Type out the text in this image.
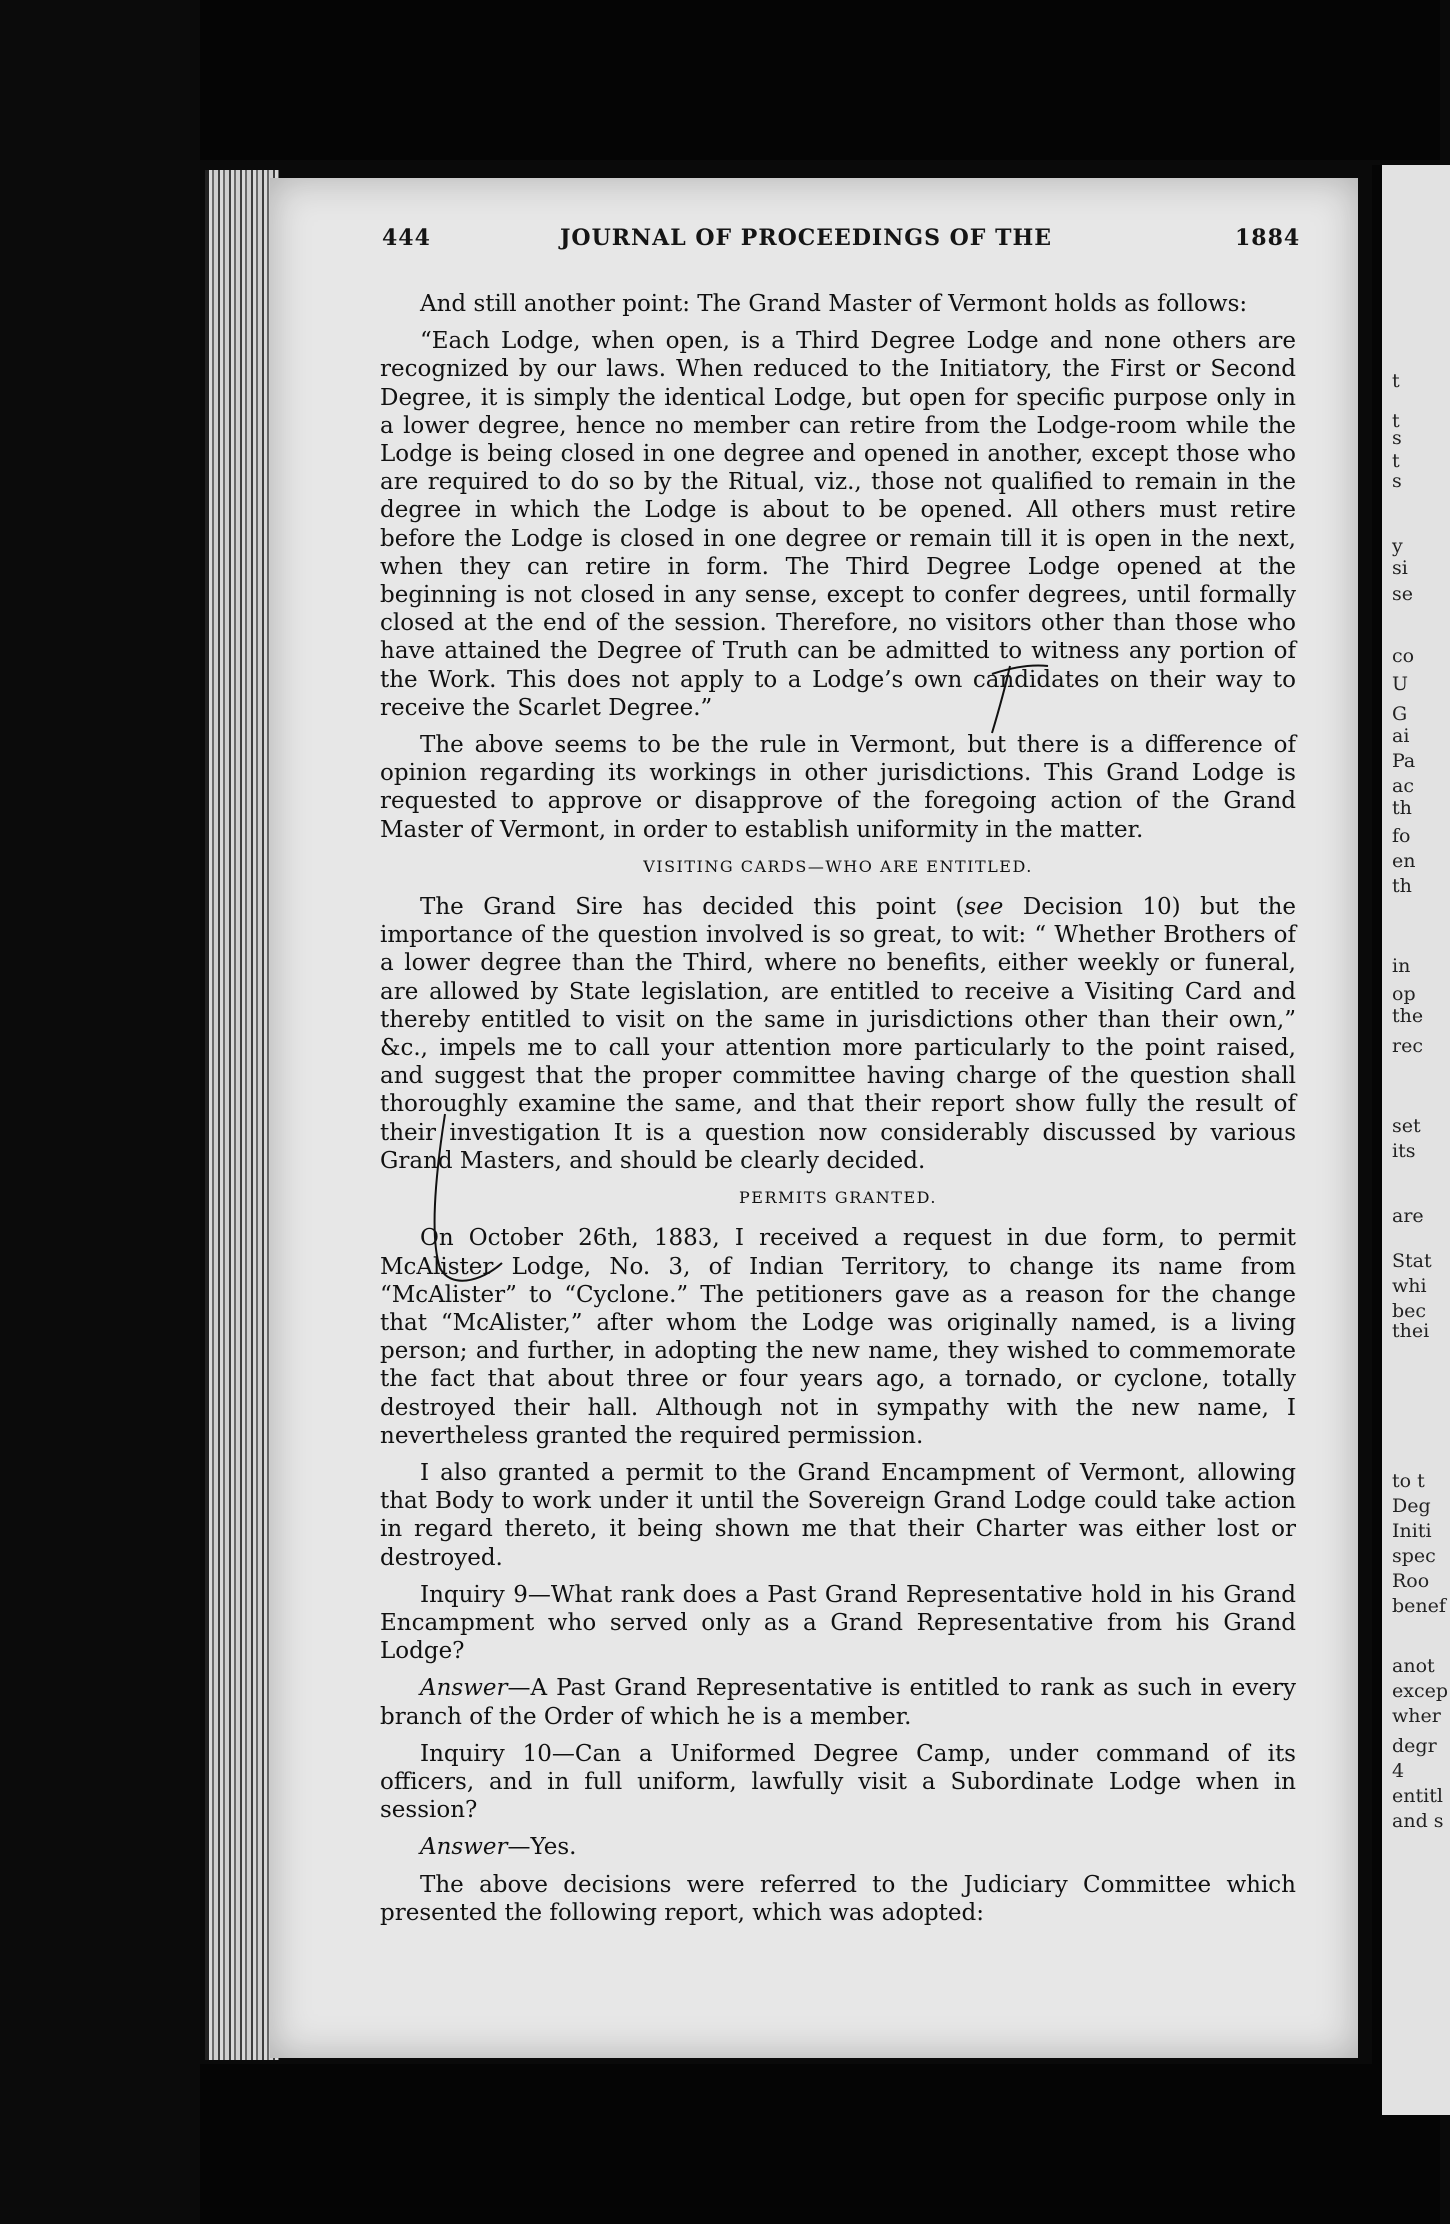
444	JOURNAL OF PROCEEDINGS OF THE	1884

And still another point: The Grand Master of Vermont holds as follows:

“Each Lodge, when open, is a Third Degree Lodge and none others are recognized by our laws. When reduced to the Initiatory, the First or Second Degree, it is simply the identical Lodge, but open for specific purpose only in a lower degree, hence no member can retire from the Lodge-room while the Lodge is being closed in one degree and opened in another, except those who are required to do so by the Ritual, viz., those not qualified to remain in the degree in which the Lodge is about to be opened. All others must retire before the Lodge is closed in one degree or remain till it is open in the next, when they can retire in form. The Third Degree Lodge opened at the beginning is not closed in any sense, except to confer degrees, until formally closed at the end of the session. Therefore, no visitors other than those who have attained the Degree of Truth can be admitted to witness any portion of the Work. This does not apply to a Lodge’s own candidates on their way to receive the Scarlet Degree.”

The above seems to be the rule in Vermont, but there is a difference of opinion regarding its workings in other jurisdictions. This Grand Lodge is requested to approve or disapprove of the foregoing action of the Grand Master of Vermont, in order to establish uniformity in the matter.

VISITING CARDS—WHO ARE ENTITLED.

The Grand Sire has decided this point (see Decision 10) but the importance of the question involved is so great, to wit: “ Whether Brothers of a lower degree than the Third, where no benefits, either weekly or funeral, are allowed by State legislation, are entitled to receive a Visiting Card and thereby entitled to visit on the same in jurisdictions other than their own,” &c., impels me to call your attention more particularly to the point raised, and suggest that the proper committee having charge of the question shall thoroughly examine the same, and that their report show fully the result of their investigation It is a question now considerably discussed by various Grand Masters, and should be clearly decided.

PERMITS GRANTED.

On October 26th, 1883, I received a request in due form, to permit McAlister Lodge, No. 3, of Indian Territory, to change its name from “McAlister” to “Cyclone.” The petitioners gave as a reason for the change that “McAlister,” after whom the Lodge was originally named, is a living person; and further, in adopting the new name, they wished to commemorate the fact that about three or four years ago, a tornado, or cyclone, totally destroyed their hall. Although not in sympathy with the new name, I nevertheless granted the required permission.

I also granted a permit to the Grand Encampment of Vermont, allowing that Body to work under it until the Sovereign Grand Lodge could take action in regard thereto, it being shown me that their Charter was either lost or destroyed.

Inquiry 9—What rank does a Past Grand Representative hold in his Grand Encampment who served only as a Grand Representative from his Grand Lodge?

Answer—A Past Grand Representative is entitled to rank as such in every branch of the Order of which he is a member.

Inquiry 10—Can a Uniformed Degree Camp, under command of its officers, and in full uniform, lawfully visit a Subordinate Lodge when in session?

Answer—Yes.

The above decisions were referred to the Judiciary Committee which presented the following report, which was adopted:

t
t
s
t
s
y
si
se
co
U
G
ai
Pa
ac
th
fo
en
th
in
op
the
rec
set
its
are
Stat
whi
bec
thei
to t
Deg
Initi
spec
Roo
anot
excep
wher
degr
4
entitl
and s
benef
